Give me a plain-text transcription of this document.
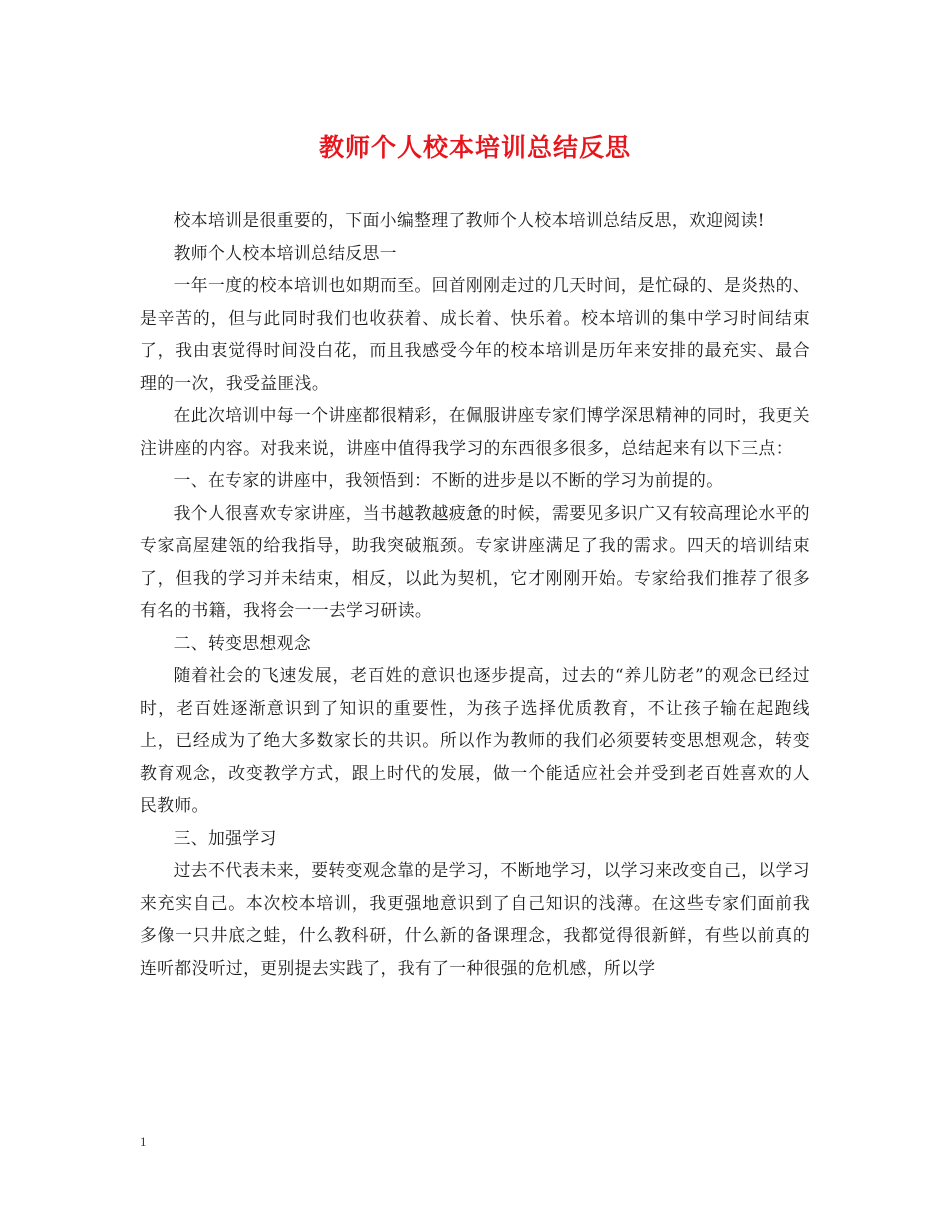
教师个人校本培训总结反思

校本培训是很重要的，下面小编整理了教师个人校本培训总结反思，欢迎阅读!

教师个人校本培训总结反思一

一年一度的校本培训也如期而至。回首刚刚走过的几天时间，是忙碌的、是炎热的、是辛苦的，但与此同时我们也收获着、成长着、快乐着。校本培训的集中学习时间结束了，我由衷觉得时间没白花，而且我感受今年的校本培训是历年来安排的最充实、最合理的一次，我受益匪浅。

在此次培训中每一个讲座都很精彩，在佩服讲座专家们博学深思精神的同时，我更关注讲座的内容。对我来说，讲座中值得我学习的东西很多很多，总结起来有以下三点：

一、在专家的讲座中，我领悟到：不断的进步是以不断的学习为前提的。

我个人很喜欢专家讲座，当书越教越疲惫的时候，需要见多识广又有较高理论水平的专家高屋建瓴的给我指导，助我突破瓶颈。专家讲座满足了我的需求。四天的培训结束了，但我的学习并未结束，相反，以此为契机，它才刚刚开始。专家给我们推荐了很多有名的书籍，我将会一一去学习研读。

二、转变思想观念

随着社会的飞速发展，老百姓的意识也逐步提高，过去的“养儿防老”的观念已经过时，老百姓逐渐意识到了知识的重要性，为孩子选择优质教育，不让孩子输在起跑线上，已经成为了绝大多数家长的共识。所以作为教师的我们必须要转变思想观念，转变教育观念，改变教学方式，跟上时代的发展，做一个能适应社会并受到老百姓喜欢的人民教师。

三、加强学习

过去不代表未来，要转变观念靠的是学习，不断地学习，以学习来改变自己，以学习来充实自己。本次校本培训，我更强地意识到了自己知识的浅薄。在这些专家们面前我多像一只井底之蛙，什么教科研，什么新的备课理念，我都觉得很新鲜，有些以前真的连听都没听过，更别提去实践了，我有了一种很强的危机感，所以学

1
